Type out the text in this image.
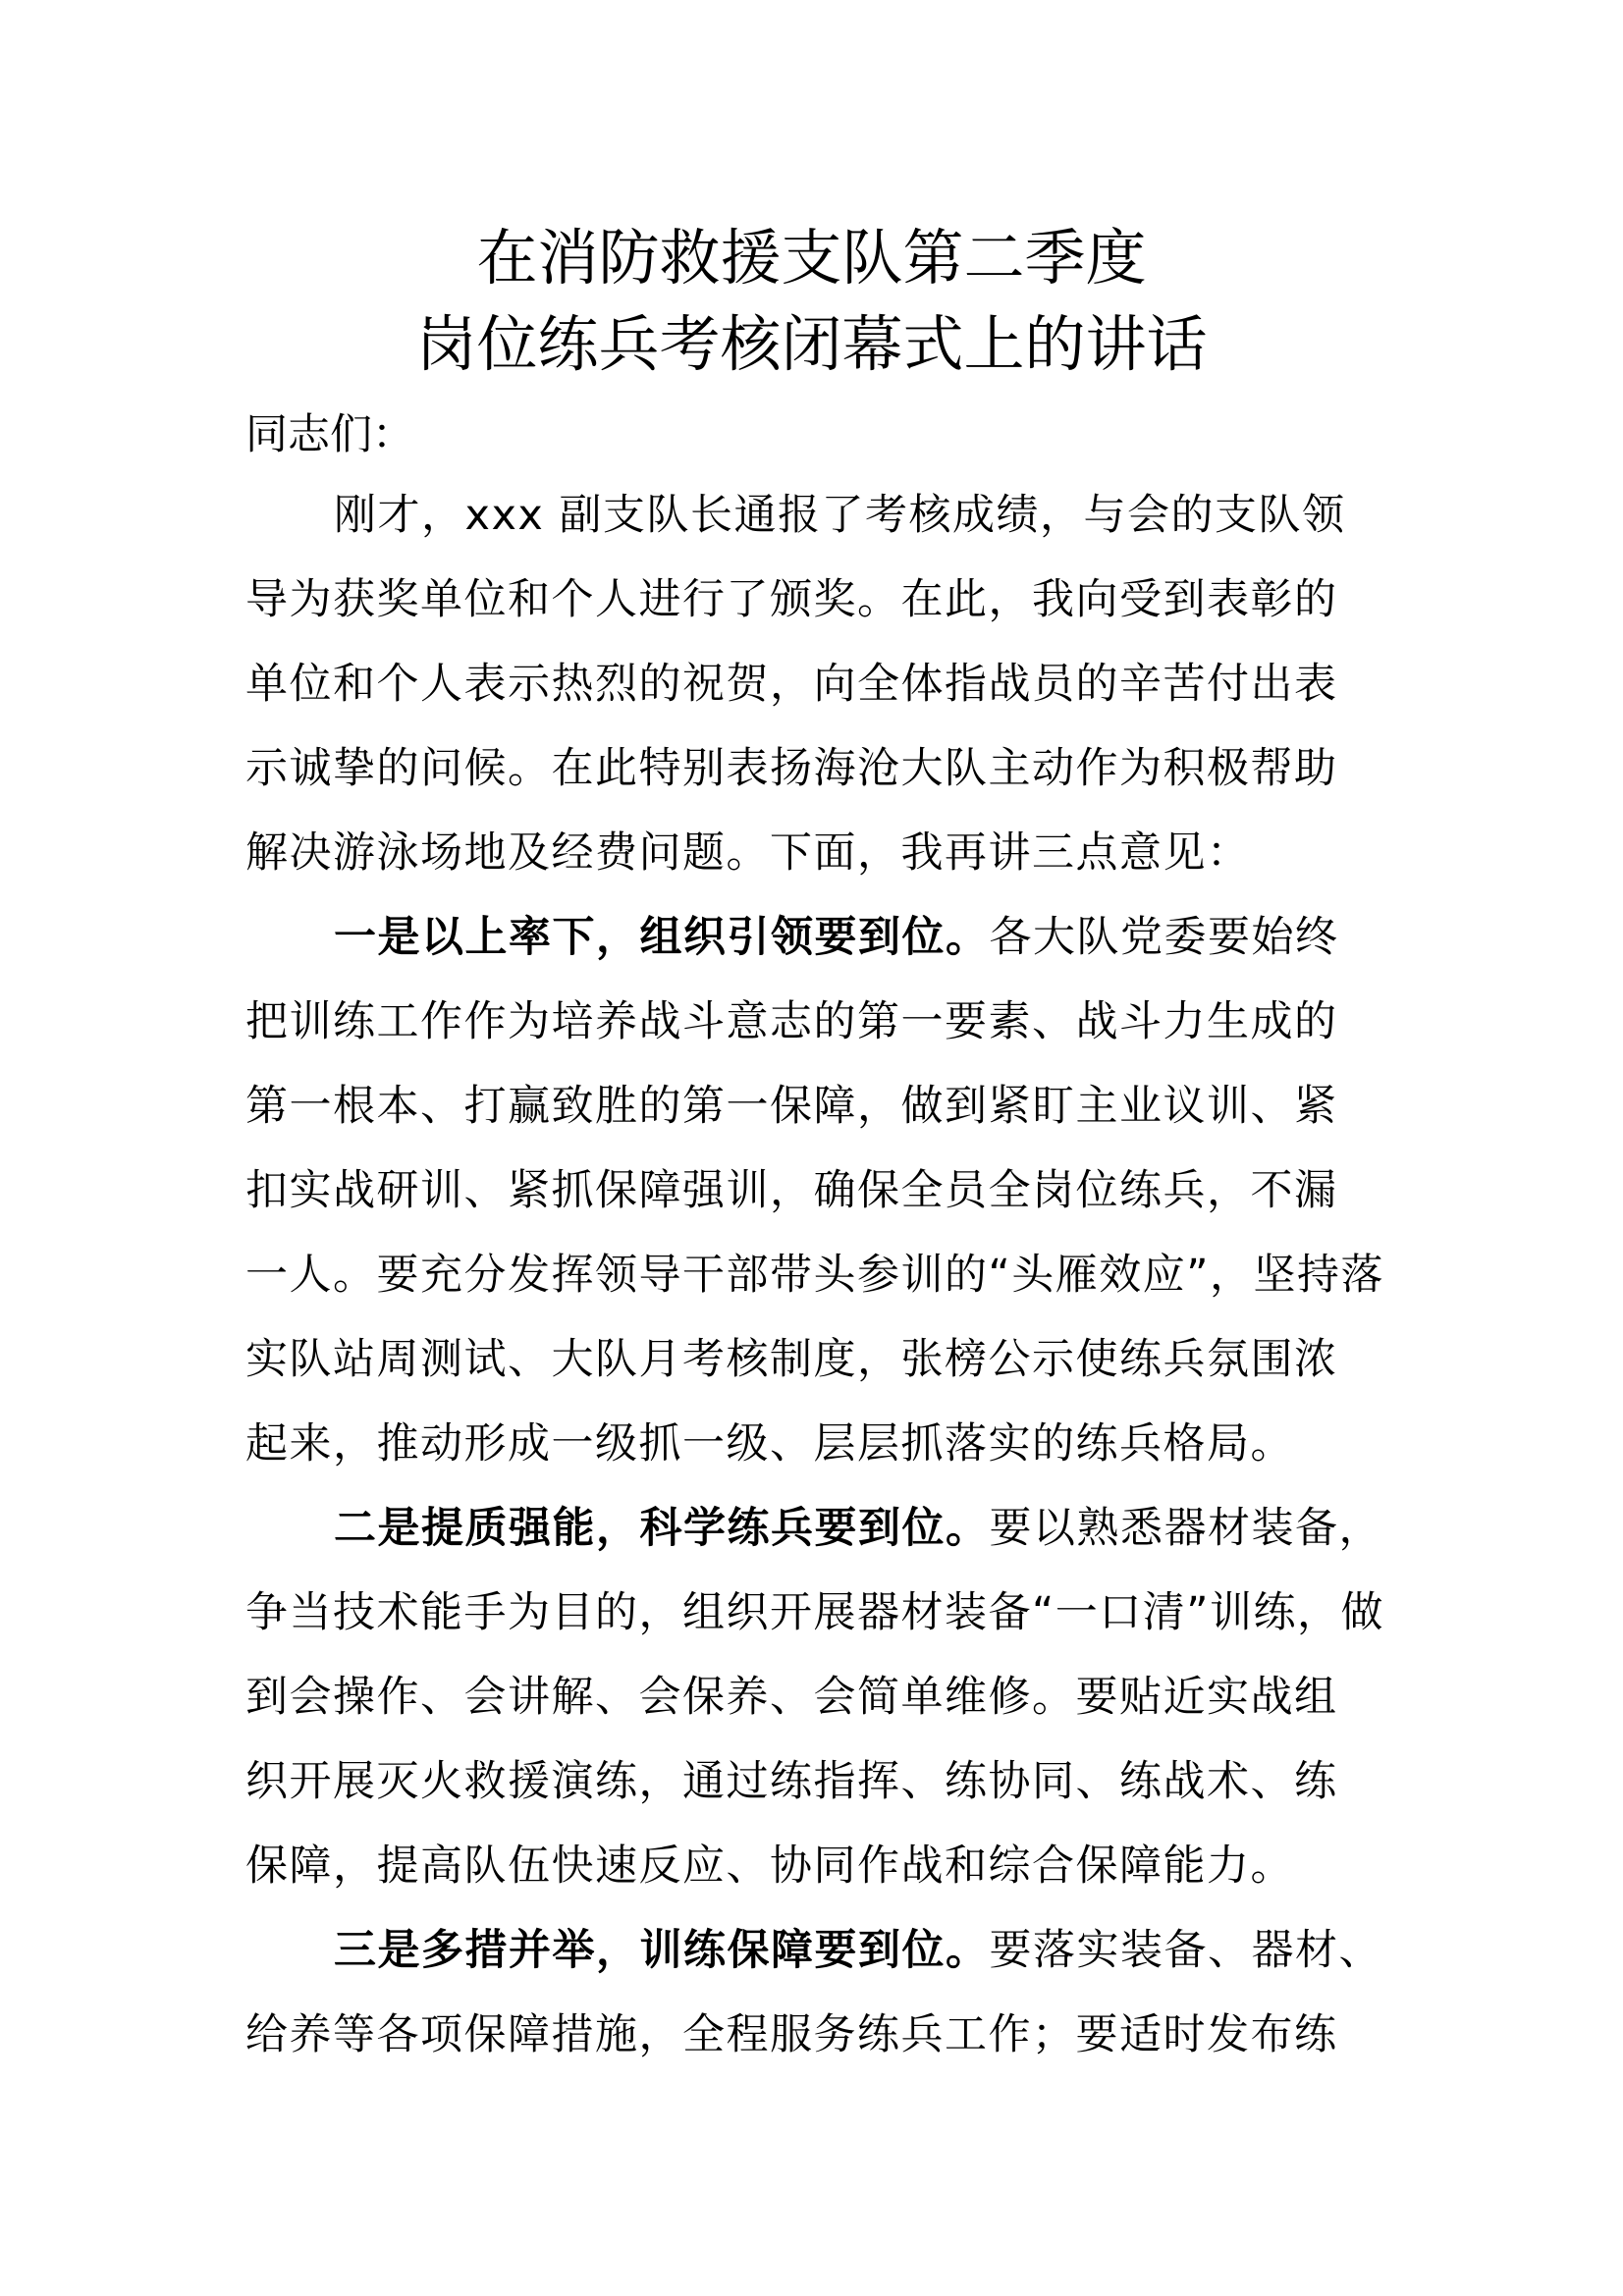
在消防救援支队第二季度
岗位练兵考核闭幕式上的讲话
同志们：
刚才，xxx 副支队长通报了考核成绩，与会的支队领
导为获奖单位和个人进行了颁奖。在此，我向受到表彰的
单位和个人表示热烈的祝贺，向全体指战员的辛苦付出表
示诚挚的问候。在此特别表扬海沧大队主动作为积极帮助
解决游泳场地及经费问题。下面，我再讲三点意见：
一是以上率下，组织引领要到位。各大队党委要始终
把训练工作作为培养战斗意志的第一要素、战斗力生成的
第一根本、打赢致胜的第一保障，做到紧盯主业议训、紧
扣实战研训、紧抓保障强训，确保全员全岗位练兵，不漏
一人。要充分发挥领导干部带头参训的“头雁效应”，坚持落
实队站周测试、大队月考核制度，张榜公示使练兵氛围浓
起来，推动形成一级抓一级、层层抓落实的练兵格局。
二是提质强能，科学练兵要到位。要以熟悉器材装备，
争当技术能手为目的，组织开展器材装备“一口清”训练，做
到会操作、会讲解、会保养、会简单维修。要贴近实战组
织开展灭火救援演练，通过练指挥、练协同、练战术、练
保障，提高队伍快速反应、协同作战和综合保障能力。
三是多措并举，训练保障要到位。要落实装备、器材、
给养等各项保障措施，全程服务练兵工作；要适时发布练
